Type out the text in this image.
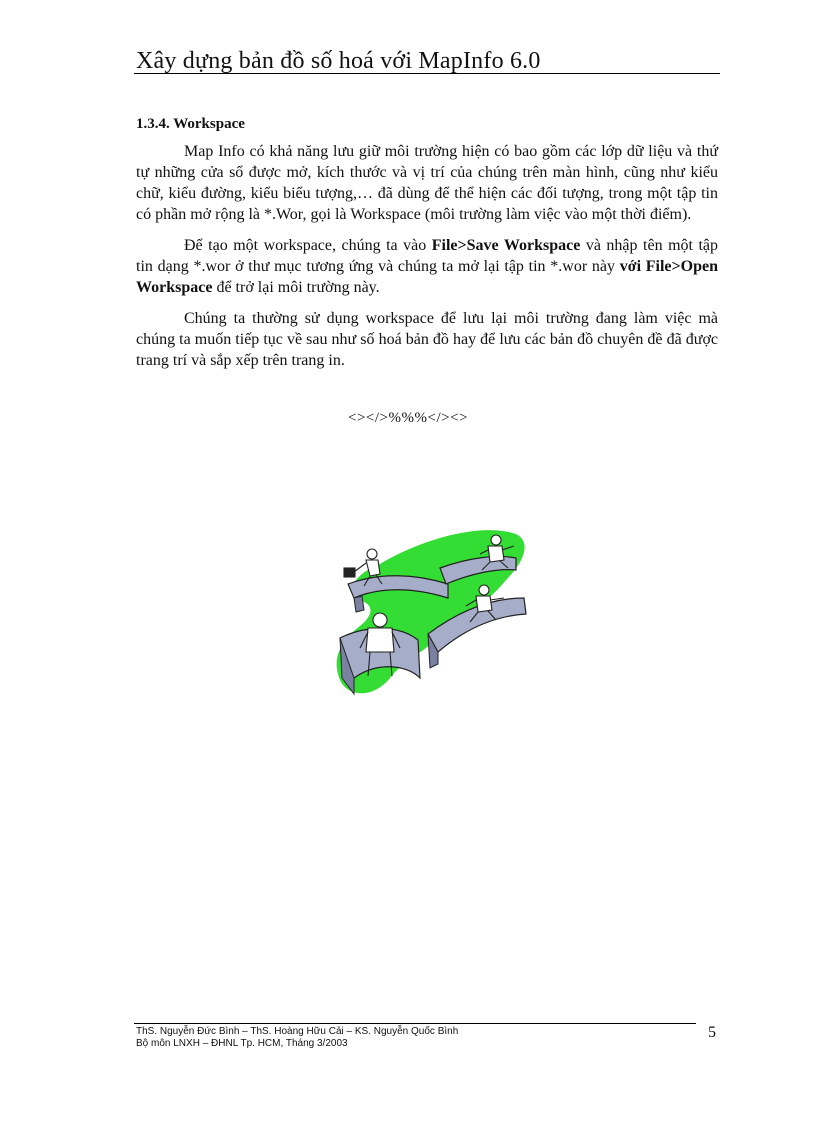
Xây dựng bản đồ số hoá với MapInfo 6.0
1.3.4. Workspace

Map Info có khả năng lưu giữ môi trường hiện có bao gồm các lớp dữ liệu và thứ tự những cửa sổ được mở, kích thước và vị trí của chúng trên màn hình, cũng như kiểu chữ, kiểu đường, kiểu biểu tượng,… đã dùng để thể hiện các đối tượng, trong một tập tin có phần mở rộng là *.Wor, gọi là Workspace (môi trường làm việc vào một thời điểm).

Để tạo một workspace, chúng ta vào File>Save Workspace và nhập tên một tập tin dạng *.wor ở thư mục tương ứng và chúng ta mở lại tập tin *.wor này với File>Open Workspace để trở lại môi trường này.

Chúng ta thường sử dụng workspace để lưu lại môi trường đang làm việc mà chúng ta muốn tiếp tục về sau như số hoá bản đồ hay để lưu các bản đồ chuyên đề đã được trang trí và sắp xếp trên trang in.

<></>%%%</><>
ThS. Nguyễn Đức Bình – ThS. Hoàng Hữu Cải – KS. Nguyễn Quốc Bình
Bộ môn LNXH – ĐHNL Tp. HCM, Tháng 3/2003
5
